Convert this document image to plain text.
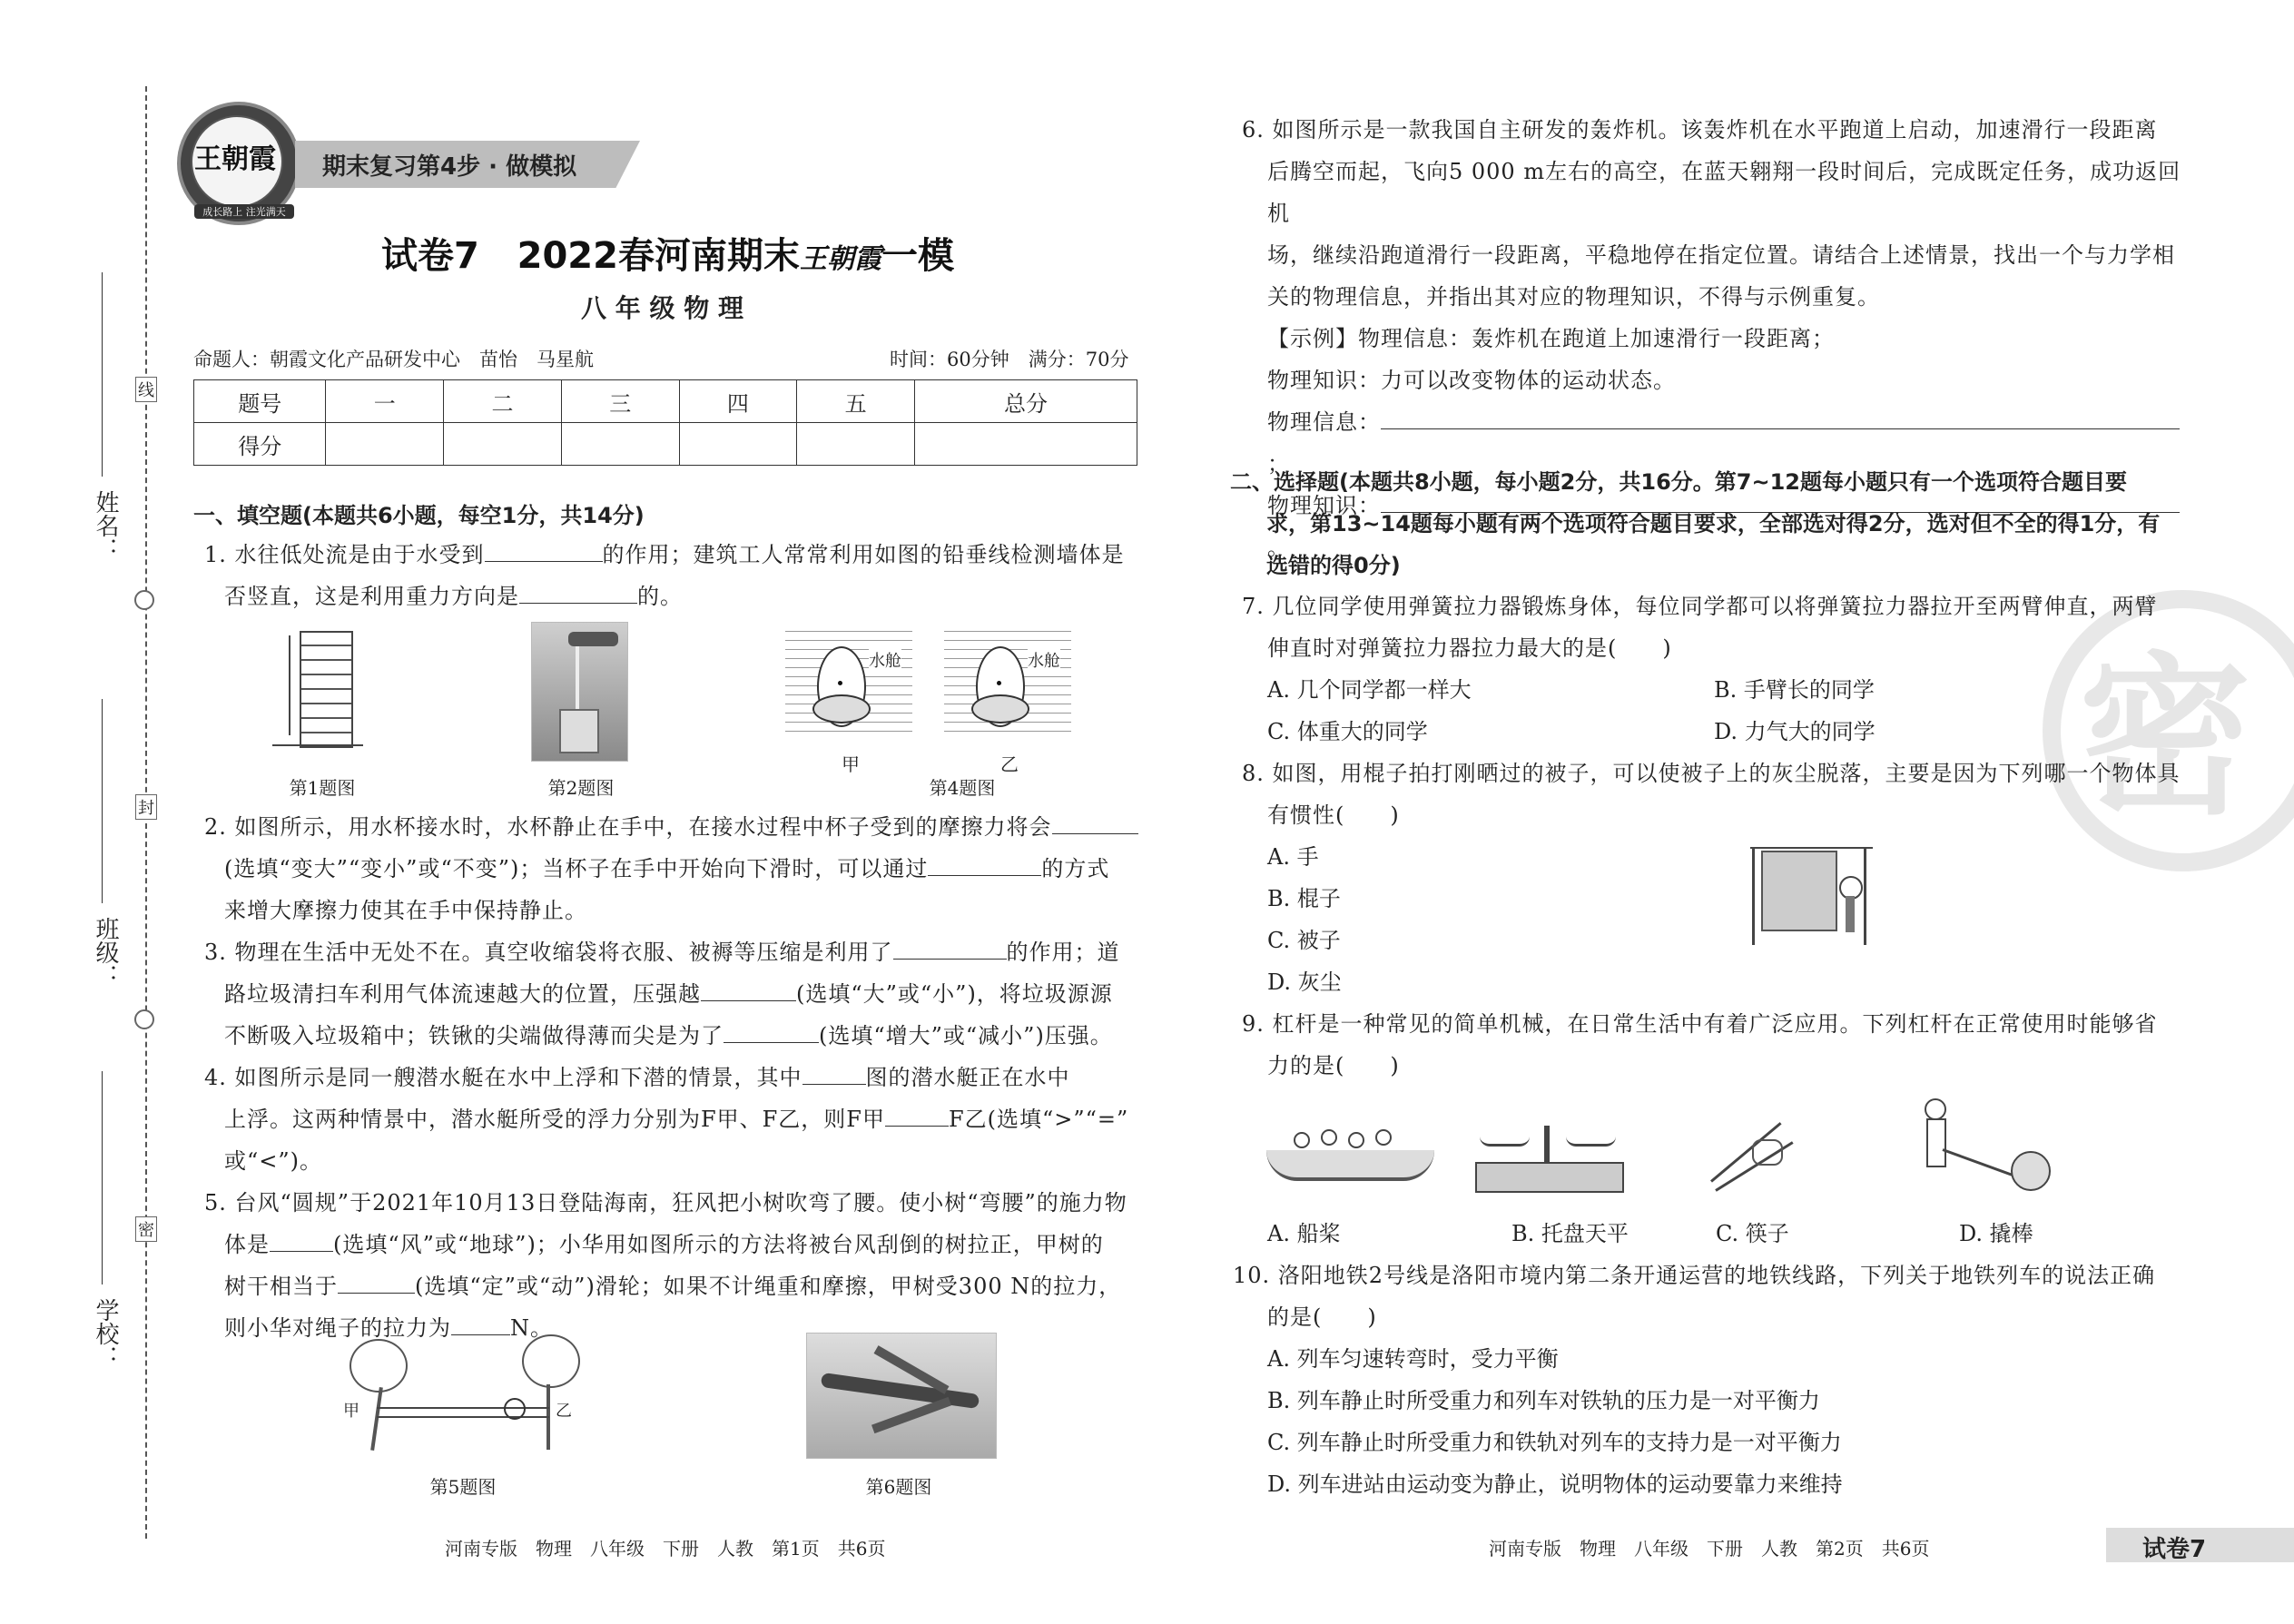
线
封
密
姓名：
班级：
学校：
王朝霞
成长路上 注光满天
期末复习第4步 · 做模拟
试卷7 2022春河南期末王朝霞一模
八 年 级 物 理
命题人：朝霞文化产品研发中心　苗怡　马星航	时间：60分钟　满分：70分
题号	一	二	三	四	五	总分
得分						
一、填空题(本题共6小题，每空1分，共14分)
1. 水往低处流是由于水受到	的作用；建筑工人常常利用如图的铅垂线检测墙体是
否竖直，这是利用重力方向是	的。
第1题图	第2题图
水舱
甲
水舱
乙
第4题图
2. 如图所示，用水杯接水时，水杯静止在手中，在接水过程中杯子受到的摩擦力将会
(选填“变大”“变小”或“不变”)；当杯子在手中开始向下滑时，可以通过	的方式
来增大摩擦力使其在手中保持静止。
3. 物理在生活中无处不在。真空收缩袋将衣服、被褥等压缩是利用了	的作用；道
路垃圾清扫车利用气体流速越大的位置，压强越	(选填“大”或“小”)，将垃圾源源
不断吸入垃圾箱中；铁锹的尖端做得薄而尖是为了	(选填“增大”或“减小”)压强。
4. 如图所示是同一艘潜水艇在水中上浮和下潜的情景，其中	图的潜水艇正在水中
上浮。这两种情景中，潜水艇所受的浮力分别为F甲、F乙，则F甲	F乙(选填“>”“=”
或“<”)。
5. 台风“圆规”于2021年10月13日登陆海南，狂风把小树吹弯了腰。使小树“弯腰”的施力物
体是	(选填“风”或“地球”)；小华用如图所示的方法将被台风刮倒的树拉正，甲树的
树干相当于	(选填“定”或“动”)滑轮；如果不计绳重和摩擦，甲树受300 N的拉力，
则小华对绳子的拉力为	N。
甲	乙
第5题图	第6题图
河南专版　物理　八年级　下册　人教　第1页　共6页
密
6. 如图所示是一款我国自主研发的轰炸机。该轰炸机在水平跑道上启动，加速滑行一段距离
后腾空而起，飞向5 000 m左右的高空，在蓝天翱翔一段时间后，完成既定任务，成功返回机
场，继续沿跑道滑行一段距离，平稳地停在指定位置。请结合上述情景，找出一个与力学相
关的物理信息，并指出其对应的物理知识，不得与示例重复。
【示例】物理信息：轰炸机在跑道上加速滑行一段距离；
物理知识：力可以改变物体的运动状态。
物理信息：；
物理知识：。
二、选择题(本题共8小题，每小题2分，共16分。第7~12题每小题只有一个选项符合题目要
求，第13~14题每小题有两个选项符合题目要求，全部选对得2分，选对但不全的得1分，有
选错的得0分)
7. 几位同学使用弹簧拉力器锻炼身体，每位同学都可以将弹簧拉力器拉开至两臂伸直，两臂
伸直时对弹簧拉力器拉力最大的是(　　)
A. 几个同学都一样大	B. 手臂长的同学
C. 体重大的同学	D. 力气大的同学
8. 如图，用棍子拍打刚晒过的被子，可以使被子上的灰尘脱落，主要是因为下列哪一个物体具
有惯性(　　)
A. 手
B. 棍子
C. 被子
D. 灰尘
9. 杠杆是一种常见的简单机械，在日常生活中有着广泛应用。下列杠杆在正常使用时能够省
力的是(　　)
A. 船桨	B. 托盘天平	C. 筷子	D. 撬棒
10. 洛阳地铁2号线是洛阳市境内第二条开通运营的地铁线路，下列关于地铁列车的说法正确
的是(　　)
A. 列车匀速转弯时，受力平衡
B. 列车静止时所受重力和列车对铁轨的压力是一对平衡力
C. 列车静止时所受重力和铁轨对列车的支持力是一对平衡力
D. 列车进站由运动变为静止，说明物体的运动要靠力来维持
河南专版　物理　八年级　下册　人教　第2页　共6页	试卷7
